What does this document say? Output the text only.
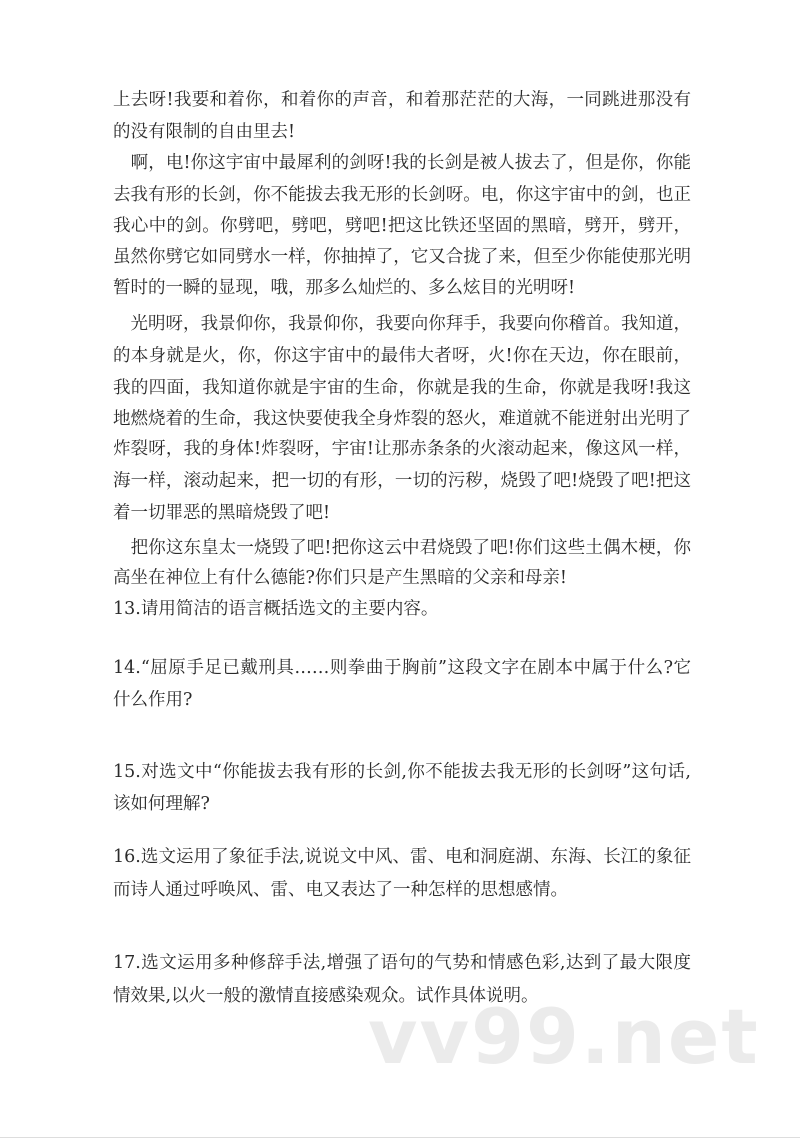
上去呀!我要和着你，和着你的声音，和着那茫茫的大海，一同跳进那没有
的没有限制的自由里去!
　啊，电!你这宇宙中最犀利的剑呀!我的长剑是被人拔去了，但是你，你能
去我有形的长剑，你不能拔去我无形的长剑呀。电，你这宇宙中的剑，也正
我心中的剑。你劈吧，劈吧，劈吧!把这比铁还坚固的黑暗，劈开，劈开，
虽然你劈它如同劈水一样，你抽掉了，它又合拢了来，但至少你能使那光明
暂时的一瞬的显现，哦，那多么灿烂的、多么炫目的光明呀!
　光明呀，我景仰你，我景仰你，我要向你拜手，我要向你稽首。我知道，
的本身就是火，你，你这宇宙中的最伟大者呀，火!你在天边，你在眼前，
我的四面，我知道你就是宇宙的生命，你就是我的生命，你就是我呀!我这
地燃烧着的生命，我这快要使我全身炸裂的怒火，难道就不能迸射出光明了
炸裂呀，我的身体!炸裂呀，宇宙!让那赤条条的火滚动起来，像这风一样，
海一样，滚动起来，把一切的有形，一切的污秽，烧毁了吧!烧毁了吧!把这
着一切罪恶的黑暗烧毁了吧!
　把你这东皇太一烧毁了吧!把你这云中君烧毁了吧!你们这些土偶木梗，你
高坐在神位上有什么德能?你们只是产生黑暗的父亲和母亲!
13.请用简洁的语言概括选文的主要内容。
14.“屈原手足已戴刑具……则拳曲于胸前”这段文字在剧本中属于什么?它
什么作用?
15.对选文中“你能拔去我有形的长剑,你不能拔去我无形的长剑呀”这句话,
该如何理解?
16.选文运用了象征手法,说说文中风、雷、电和洞庭湖、东海、长江的象征
而诗人通过呼唤风、雷、电又表达了一种怎样的思想感情。
17.选文运用多种修辞手法,增强了语句的气势和情感色彩,达到了最大限度
情效果,以火一般的激情直接感染观众。试作具体说明。
vv99.net
